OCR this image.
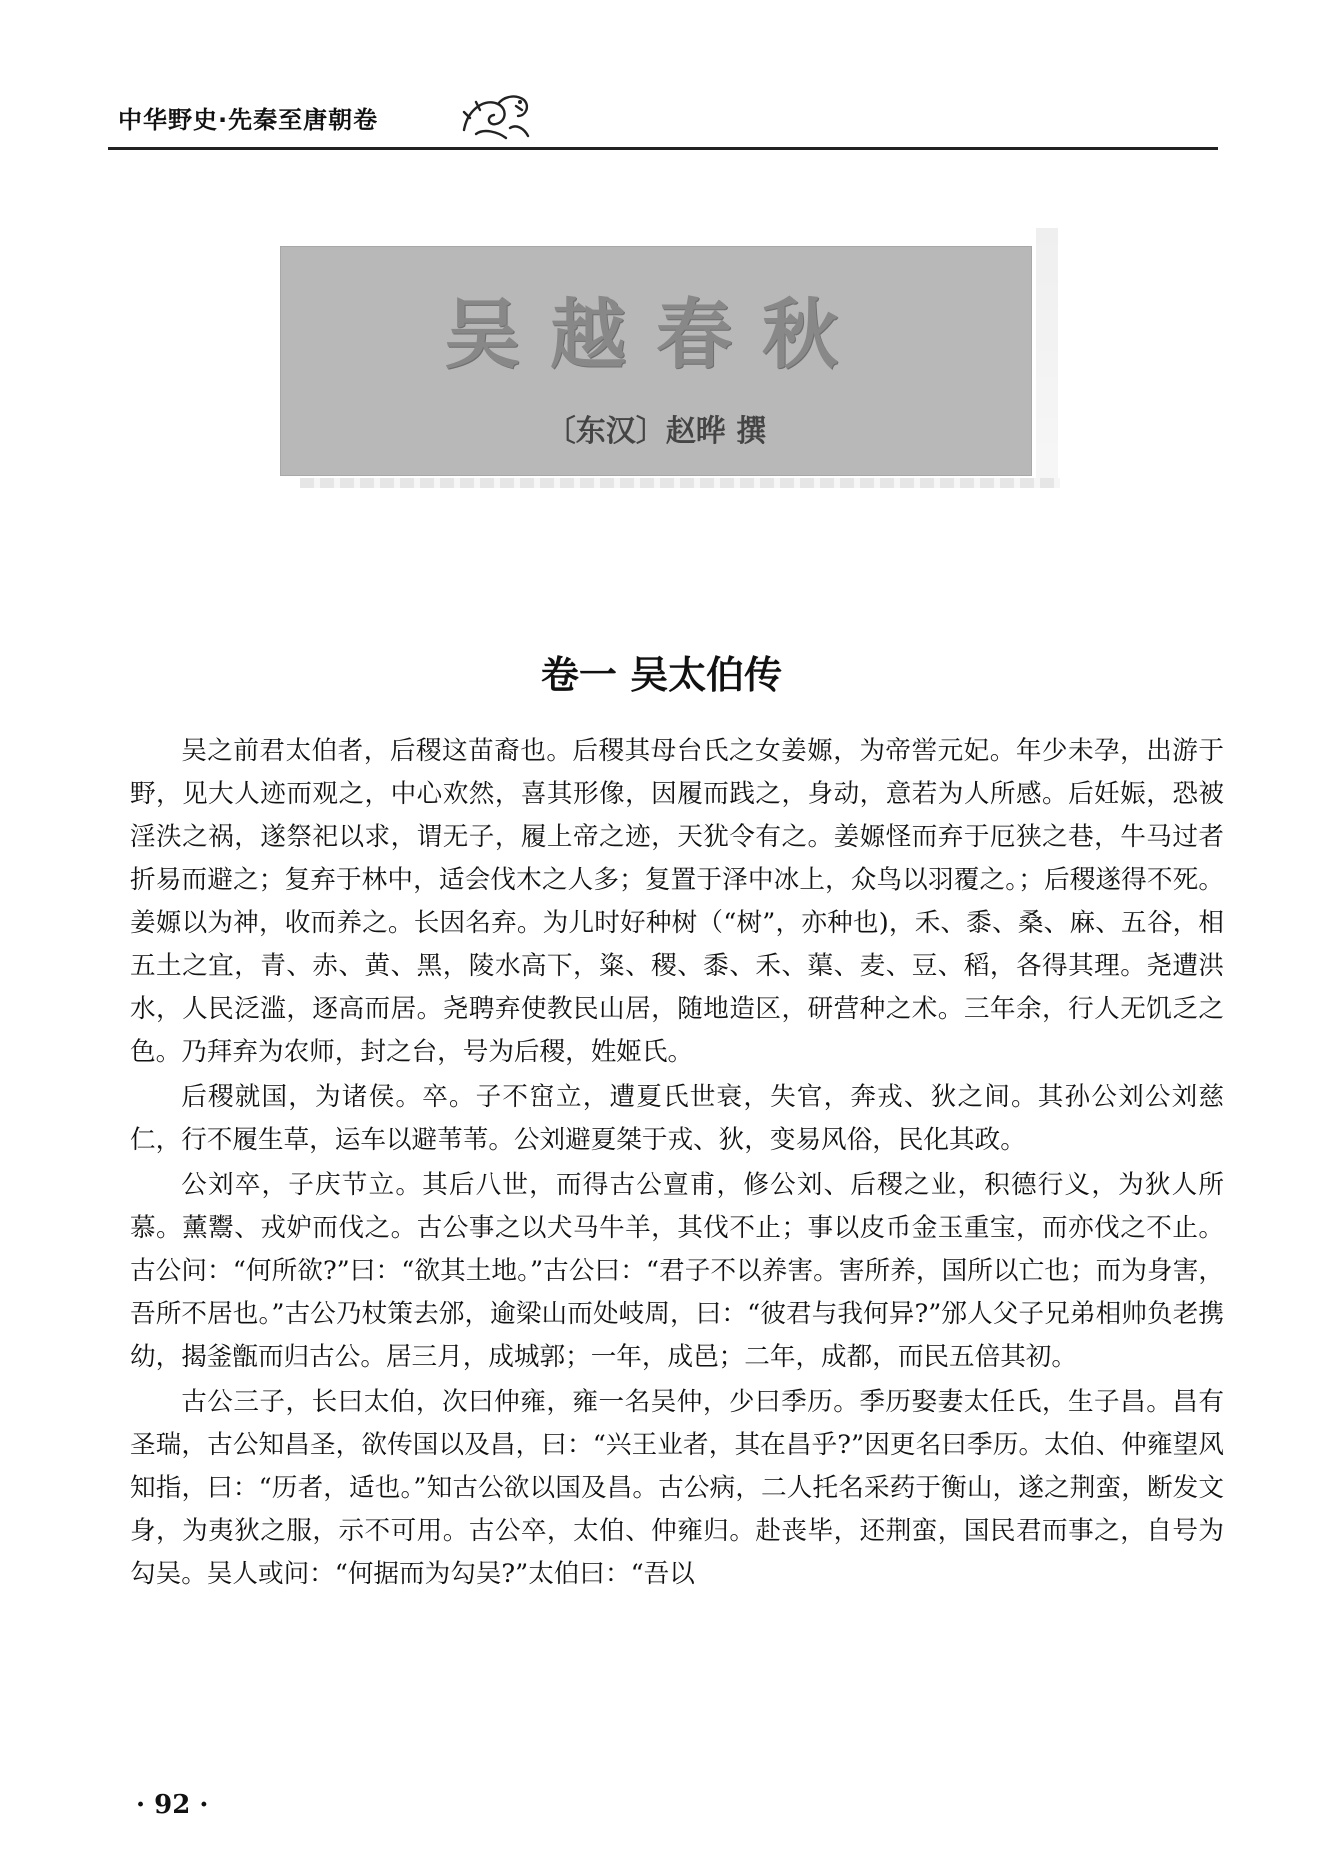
中华野史·先秦至唐朝卷
吴越春秋
〔东汉〕赵晔 撰
卷一 吴太伯传

吴之前君太伯者，后稷这苗裔也。后稷其母台氏之女姜嫄，为帝喾元妃。年少未孕，出游于野，见大人迹而观之，中心欢然，喜其形像，因履而践之，身动，意若为人所感。后妊娠，恐被淫泆之祸，遂祭祀以求，谓无子，履上帝之迹，天犹令有之。姜嫄怪而弃于厄狭之巷，牛马过者折易而避之；复弃于林中，适会伐木之人多；复置于泽中冰上，众鸟以羽覆之。；后稷遂得不死。姜嫄以为神，收而养之。长因名弃。为儿时好种树（“树”，亦种也)，禾、黍、桑、麻、五谷，相五土之宜，青、赤、黄、黑，陵水高下，粢、稷、黍、禾、蕖、麦、豆、稻，各得其理。尧遭洪水，人民泛滥，逐高而居。尧聘弃使教民山居，随地造区，研营种之术。三年余，行人无饥乏之色。乃拜弃为农师，封之台，号为后稷，姓姬氏。

后稷就国，为诸侯。卒。子不窋立，遭夏氏世衰，失官，奔戎、狄之间。其孙公刘公刘慈仁，行不履生草，运车以避苇苇。公刘避夏桀于戎、狄，变易风俗，民化其政。

公刘卒，子庆节立。其后八世，而得古公亶甫，修公刘、后稷之业，积德行义，为狄人所慕。薰鬻、戎妒而伐之。古公事之以犬马牛羊，其伐不止；事以皮币金玉重宝，而亦伐之不止。古公问：“何所欲?”曰：“欲其土地。”古公曰：“君子不以养害。害所养，国所以亡也；而为身害，吾所不居也。”古公乃杖策去邠，逾梁山而处岐周，曰：“彼君与我何异?”邠人父子兄弟相帅负老携幼，揭釜甑而归古公。居三月，成城郭；一年，成邑；二年，成都，而民五倍其初。

古公三子，长曰太伯，次曰仲雍，雍一名吴仲，少曰季历。季历娶妻太任氏，生子昌。昌有圣瑞，古公知昌圣，欲传国以及昌，曰：“兴王业者，其在昌乎?”因更名曰季历。太伯、仲雍望风知指，曰：“历者，适也。”知古公欲以国及昌。古公病，二人托名采药于衡山，遂之荆蛮，断发文身，为夷狄之服，示不可用。古公卒，太伯、仲雍归。赴丧毕，还荆蛮，国民君而事之，自号为勾吴。吴人或问：“何据而为勾吴?”太伯曰：“吾以

· 92 ·
